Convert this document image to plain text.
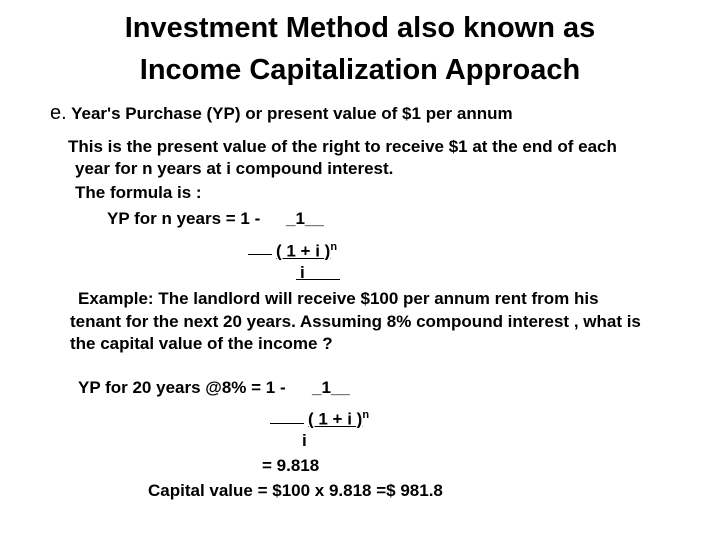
Investment Method also known as
Income Capitalization Approach
e. Year's Purchase (YP) or present value of $1 per annum
This is the present value of the right to receive $1 at the end of each
year for n years at i compound interest.
The formula is :
YP for n years = 1 - _1__
( 1 + i )$^n$
i
Example: The landlord will receive $100 per annum rent from his
tenant for the next 20 years. Assuming 8% compound interest , what is
the capital value of the income ?
YP for 20 years @8% = 1 - _1__
( 1 + i )$^n$
i
= 9.818
Capital value = $100 x 9.818 =$ 981.8
